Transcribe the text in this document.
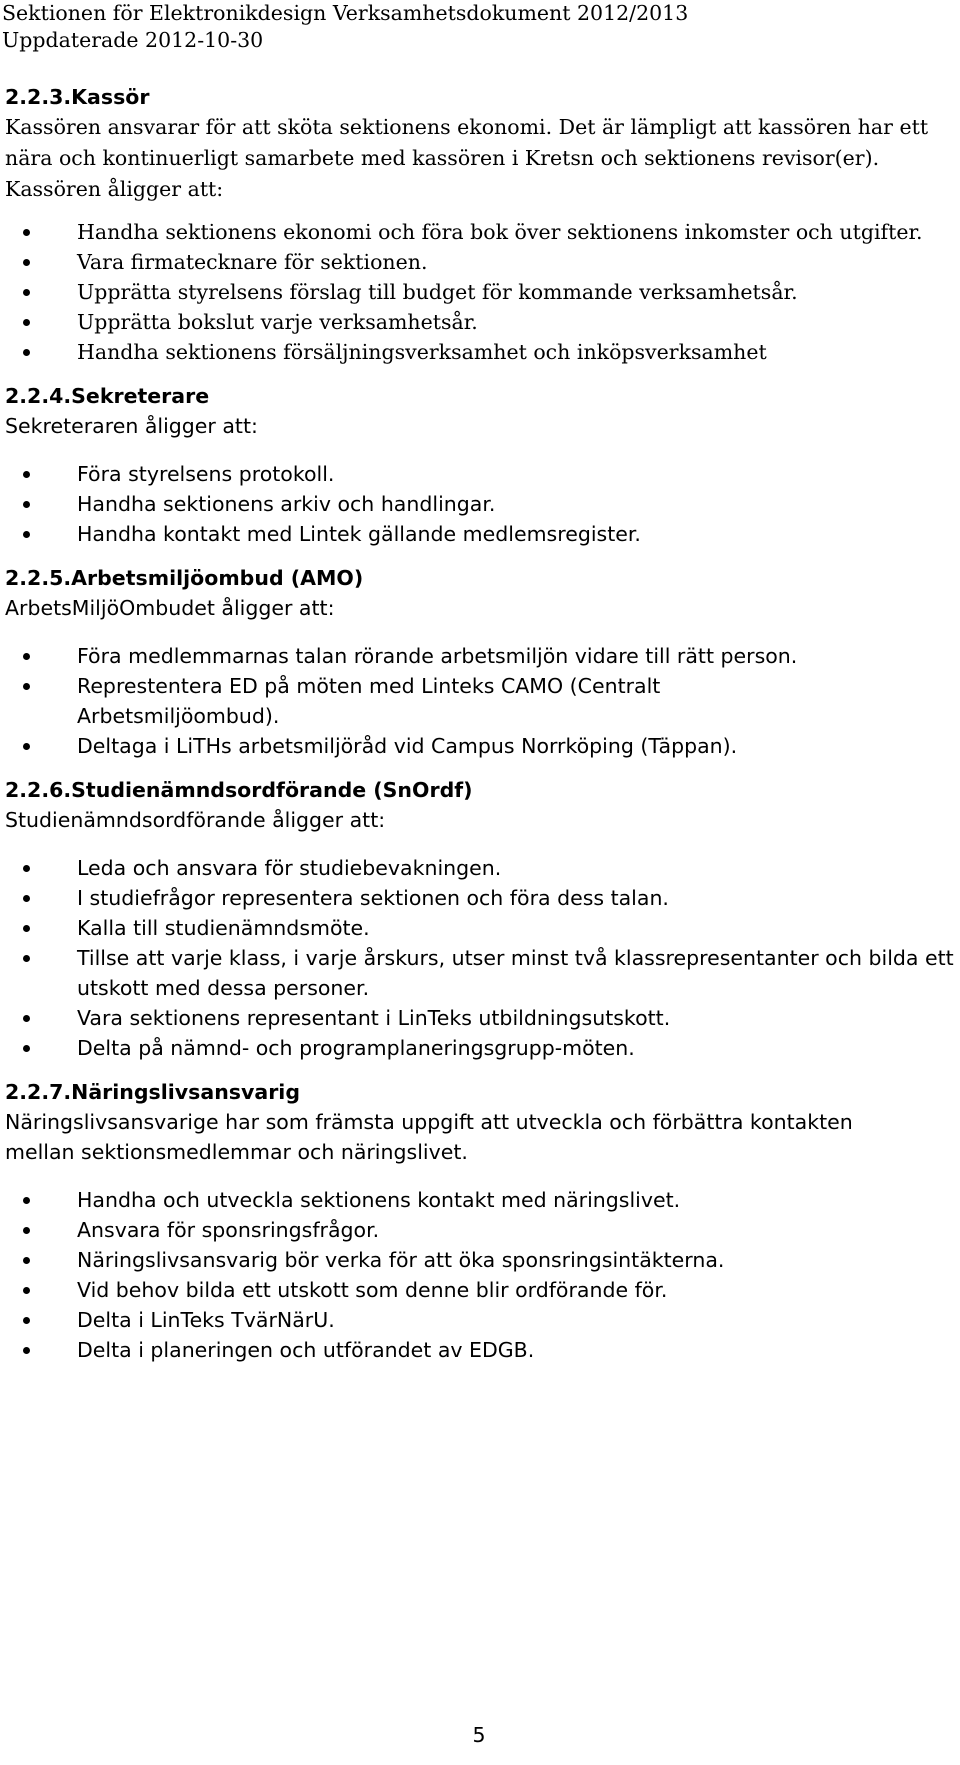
Sektionen för Elektronikdesign Verksamhetsdokument 2012/2013
Uppdaterade 2012-10-30
2.2.3.Kassör

Kassören ansvarar för att sköta sektionens ekonomi. Det är lämpligt att kassören har ett nära och kontinuerligt samarbete med kassören i Kretsn och sektionens revisor(er). Kassören åligger att:

Handha sektionens ekonomi och föra bok över sektionens inkomster och utgifter.
Vara firmatecknare för sektionen.
Upprätta styrelsens förslag till budget för kommande verksamhetsår.
Upprätta bokslut varje verksamhetsår.
Handha sektionens försäljningsverksamhet och inköpsverksamhet
2.2.4.Sekreterare

Sekreteraren åligger att:

Föra styrelsens protokoll.
Handha sektionens arkiv och handlingar.
Handha kontakt med Lintek gällande medlemsregister.
2.2.5.Arbetsmiljöombud (AMO)

ArbetsMiljöOmbudet åligger att:

Föra medlemmarnas talan rörande arbetsmiljön vidare till rätt person.
Represtentera ED på möten med Linteks CAMO (Centralt Arbetsmiljöombud).
Deltaga i LiTHs arbetsmiljöråd vid Campus Norrköping (Täppan).
2.2.6.Studienämndsordförande (SnOrdf)

Studienämndsordförande åligger att:

Leda och ansvara för studiebevakningen.
I studiefrågor representera sektionen och föra dess talan.
Kalla till studienämndsmöte.
Tillse att varje klass, i varje årskurs, utser minst två klassrepresentanter och bilda ett utskott med dessa personer.
Vara sektionens representant i LinTeks utbildningsutskott.
Delta på nämnd- och programplaneringsgrupp-möten.
2.2.7.Näringslivsansvarig

Näringslivsansvarige har som främsta uppgift att utveckla och förbättra kontakten mellan sektionsmedlemmar och näringslivet.

Handha och utveckla sektionens kontakt med näringslivet.
Ansvara för sponsringsfrågor.
Näringslivsansvarig bör verka för att öka sponsringsintäkterna.
Vid behov bilda ett utskott som denne blir ordförande för.
Delta i LinTeks TvärNärU.
Delta i planeringen och utförandet av EDGB.
5
